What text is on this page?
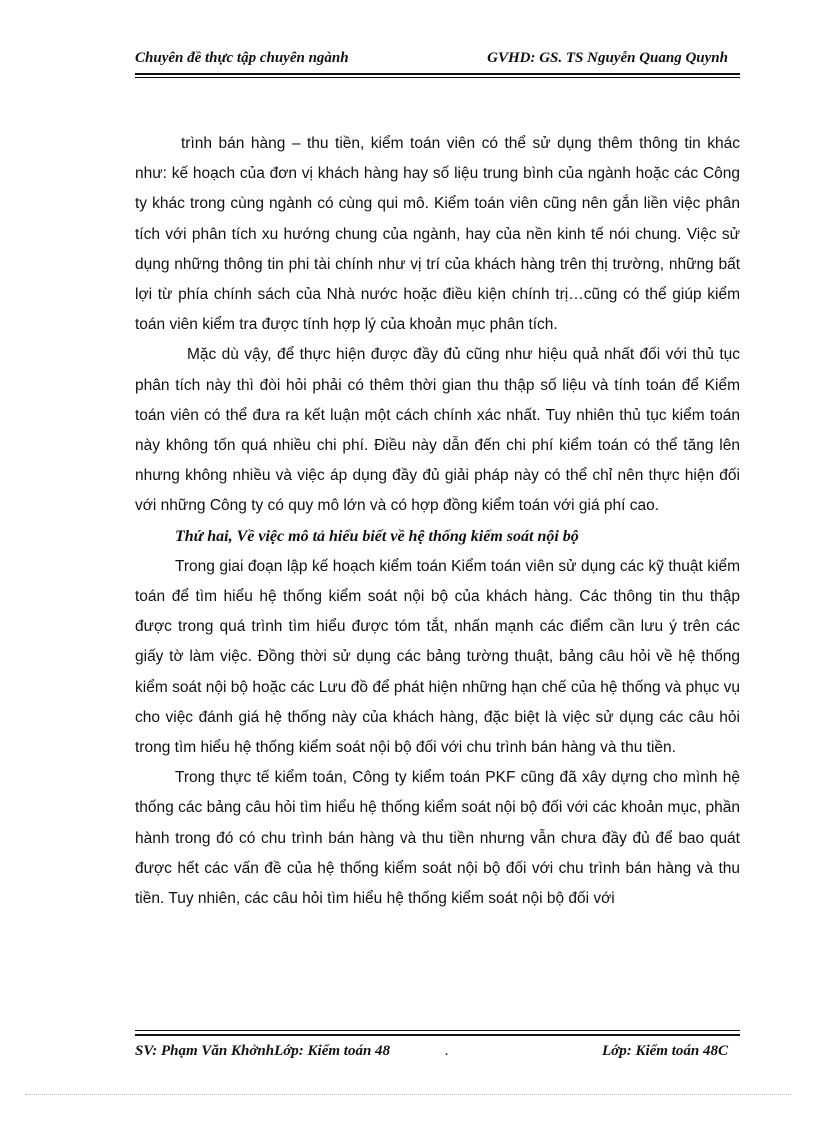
Chuyên đề thực tập chuyên ngành	GVHD: GS. TS Nguyễn Quang Quynh

trình bán hàng – thu tiền, kiểm toán viên có thể sử dụng thêm thông tin khác như: kế hoạch của đơn vị khách hàng hay số liệu trung bình của ngành hoặc các Công ty khác trong cùng ngành có cùng qui mô. Kiểm toán viên cũng nên gắn liền việc phân tích với phân tích xu hướng chung của ngành, hay của nền kinh tế nói chung. Việc sử dụng những thông tin phi tài chính như vị trí của khách hàng trên thị trường, những bất lợi từ phía chính sách của Nhà nước hoặc điều kiện chính trị…cũng có thể giúp kiểm toán viên kiểm tra được tính hợp lý của khoản mục phân tích.

Mặc dù vậy, để thực hiện được đầy đủ cũng như hiệu quả nhất đối với thủ tục phân tích này thì đòi hỏi phải có thêm thời gian thu thập số liệu và tính toán để Kiểm toán viên có thể đưa ra kết luận một cách chính xác nhất. Tuy nhiên thủ tục kiểm toán này không tốn quá nhiều chi phí. Điều này dẫn đến chi phí kiểm toán có thể tăng lên nhưng không nhiều và việc áp dụng đầy đủ giải pháp này có thể chỉ nên thực hiện đối với những Công ty có quy mô lớn và có hợp đồng kiểm toán với giá phí cao.

Thứ hai, Về việc mô tả hiểu biết về hệ thống kiểm soát nội bộ

Trong giai đoạn lập kế hoạch kiểm toán Kiểm toán viên sử dụng các kỹ thuật kiểm toán để tìm hiểu hệ thống kiểm soát nội bộ của khách hàng. Các thông tin thu thập được trong quá trình tìm hiểu được tóm tắt, nhấn mạnh các điểm cần lưu ý trên các giấy tờ làm việc. Đồng thời sử dụng các bảng tường thuật, bảng câu hỏi về hệ thống kiểm soát nội bộ hoặc các Lưu đồ để phát hiện những hạn chế của hệ thống và phục vụ cho việc đánh giá hệ thống này của khách hàng, đặc biệt là việc sử dụng các câu hỏi trong tìm hiểu hệ thống kiểm soát nội bộ đối với chu trình bán hàng và thu tiền.

Trong thực tế kiểm toán, Công ty kiểm toán PKF cũng đã xây dựng cho mình hệ thống các bảng câu hỏi tìm hiểu hệ thống kiểm soát nội bộ đối với các khoản mục, phần hành trong đó có chu trình bán hàng và thu tiền nhưng vẫn chưa đầy đủ để bao quát được hết các vấn đề của hệ thống kiểm soát nội bộ đối với chu trình bán hàng và thu tiền. Tuy nhiên, các câu hỏi tìm hiểu hệ thống kiểm soát nội bộ đối với

SV: Phạm Văn KhởnhLớp: Kiểm toán 48	.	Lớp: Kiểm toán 48C
